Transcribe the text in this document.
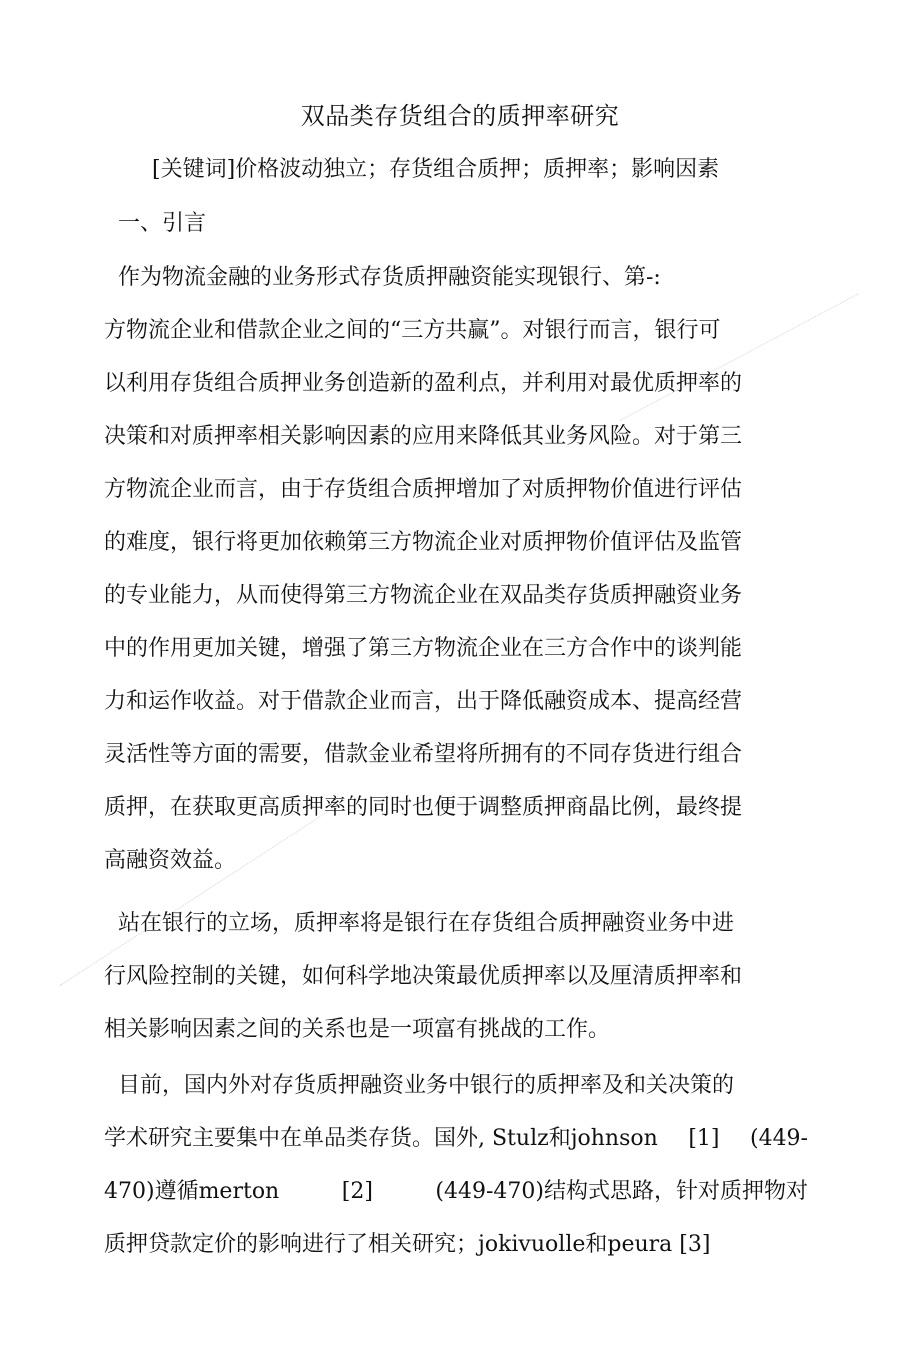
双品类存货组合的质押率研究
[关键词]价格波动独立；存货组合质押；质押率；影响因素
一、引言
作为物流金融的业务形式存货质押融资能实现银行、第-:
方物流企业和借款企业之间的“三方共赢”。对银行而言，银行可
以利用存货组合质押业务创造新的盈利点，并利用对最优质押率的
决策和对质押率相关影响因素的应用来降低其业务风险。对于第三
方物流企业而言，由于存货组合质押增加了对质押物价值进行评估
的难度，银行将更加依赖第三方物流企业对质押物价值评估及监管
的专业能力，从而使得第三方物流企业在双品类存货质押融资业务
中的作用更加关键，增强了第三方物流企业在三方合作中的谈判能
力和运作收益。对于借款企业而言，出于降低融资成本、提高经营
灵活性等方面的需要，借款金业希望将所拥有的不同存货进行组合
质押，在获取更高质押率的同时也便于调整质押商晶比例，最终提
高融资效益。
站在银行的立场，质押率将是银行在存货组合质押融资业务中进
行风险控制的关键，如何科学地决策最优质押率以及厘清质押率和
相关影响因素之间的关系也是一项富有挑战的工作。
目前，国内外对存货质押融资业务中银行的质押率及和关决策的
学术研究主要集中在单品类存货。国外, Stulz和johnson [1] (449-
470)遵循merton	[2]	(449-470)结构式思路，针对质押物对
质押贷款定价的影响进行了相关研究；jokivuolle和peura [3]
